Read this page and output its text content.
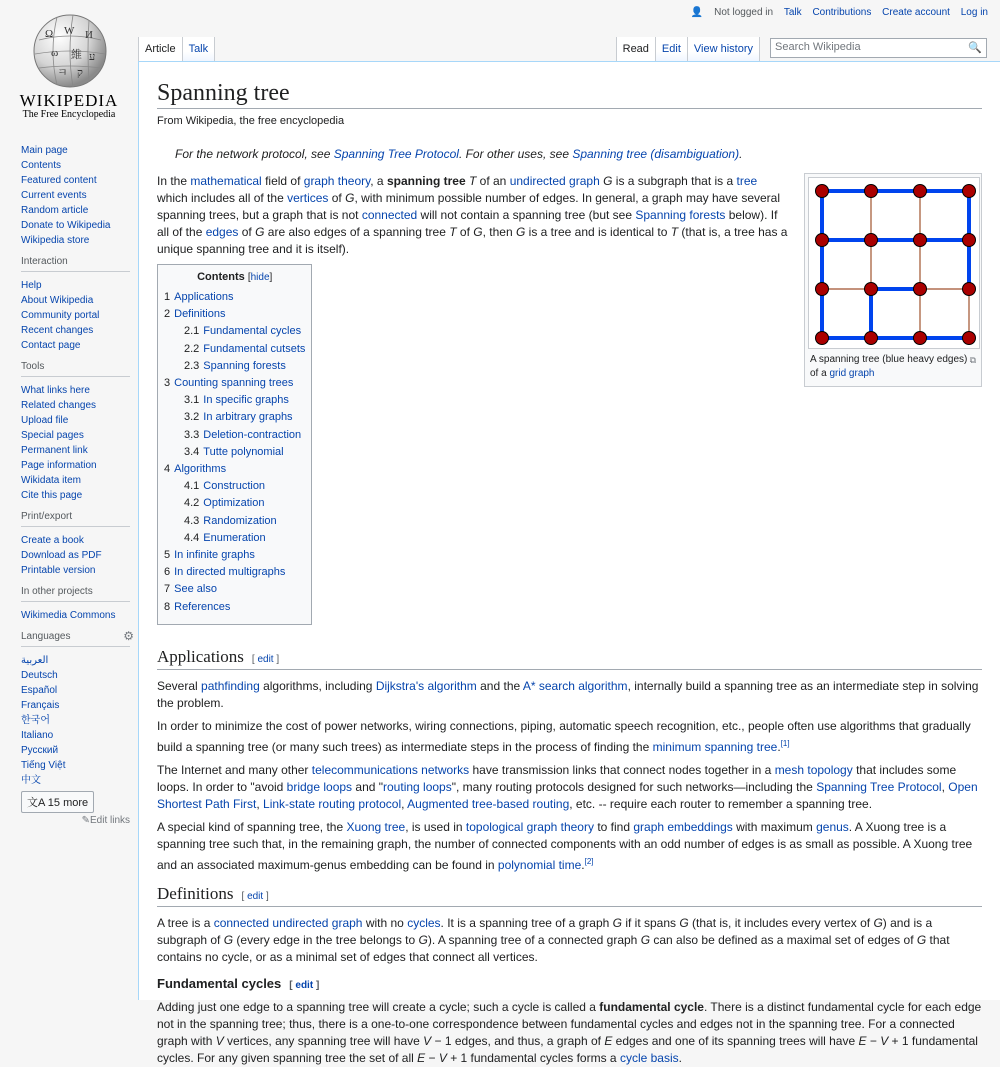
Ω W И
ω 維 ע
ㅋ ק
WIKIPEDIA
The Free Encyclopedia
Main page
Contents
Featured content
Current events
Random article
Donate to Wikipedia
Wikipedia store
Interaction
Help
About Wikipedia
Community portal
Recent changes
Contact page
Tools
What links here
Related changes
Upload file
Special pages
Permanent link
Page information
Wikidata item
Cite this page
Print/export
Create a book
Download as PDF
Printable version
In other projects
Wikimedia Commons
Languages	⚙
العربية
Deutsch
Español
Français
한국어
Italiano
Русский
Tiếng Việt
中文
文A 15 more
✎Edit links
👤 Not logged in Talk Contributions Create account Log in
Article	Talk	Read	Edit	View history	Search Wikipedia	🔍
Spanning tree
From Wikipedia, the free encyclopedia
For the network protocol, see Spanning Tree Protocol. For other uses, see Spanning tree (disambiguation).
A spanning tree (blue heavy edges) of a grid graph
⧉

In the mathematical field of graph theory, a spanning tree T of an undirected graph G is a subgraph that is a tree which includes all of the vertices of G, with minimum possible number of edges. In general, a graph may have several spanning trees, but a graph that is not connected will not contain a spanning tree (but see Spanning forests below). If all of the edges of G are also edges of a spanning tree T of G, then G is a tree and is identical to T (that is, a tree has a unique spanning tree and it is itself).

Contents [hide]
1 Applications
2 Definitions
2.1 Fundamental cycles
2.2 Fundamental cutsets
2.3 Spanning forests
3 Counting spanning trees
3.1 In specific graphs
3.2 In arbitrary graphs
3.3 Deletion-contraction
3.4 Tutte polynomial
4 Algorithms
4.1 Construction
4.2 Optimization
4.3 Randomization
4.4 Enumeration
5 In infinite graphs
6 In directed multigraphs
7 See also
8 References
Applications [ edit ]

Several pathfinding algorithms, including Dijkstra's algorithm and the A* search algorithm, internally build a spanning tree as an intermediate step in solving the problem.

In order to minimize the cost of power networks, wiring connections, piping, automatic speech recognition, etc., people often use algorithms that gradually build a spanning tree (or many such trees) as intermediate steps in the process of finding the minimum spanning tree.[1]

The Internet and many other telecommunications networks have transmission links that connect nodes together in a mesh topology that includes some loops. In order to "avoid bridge loops and "routing loops", many routing protocols designed for such networks—including the Spanning Tree Protocol, Open Shortest Path First, Link-state routing protocol, Augmented tree-based routing, etc. -- require each router to remember a spanning tree.

A special kind of spanning tree, the Xuong tree, is used in topological graph theory to find graph embeddings with maximum genus. A Xuong tree is a spanning tree such that, in the remaining graph, the number of connected components with an odd number of edges is as small as possible. A Xuong tree and an associated maximum-genus embedding can be found in polynomial time.[2]

Definitions [ edit ]

A tree is a connected undirected graph with no cycles. It is a spanning tree of a graph G if it spans G (that is, it includes every vertex of G) and is a subgraph of G (every edge in the tree belongs to G). A spanning tree of a connected graph G can also be defined as a maximal set of edges of G that contains no cycle, or as a minimal set of edges that connect all vertices.

Fundamental cycles [ edit ]

Adding just one edge to a spanning tree will create a cycle; such a cycle is called a fundamental cycle. There is a distinct fundamental cycle for each edge not in the spanning tree; thus, there is a one-to-one correspondence between fundamental cycles and edges not in the spanning tree. For a connected graph with V vertices, any spanning tree will have V − 1 edges, and thus, a graph of E edges and one of its spanning trees will have E − V + 1 fundamental cycles. For any given spanning tree the set of all E − V + 1 fundamental cycles forms a cycle basis.
